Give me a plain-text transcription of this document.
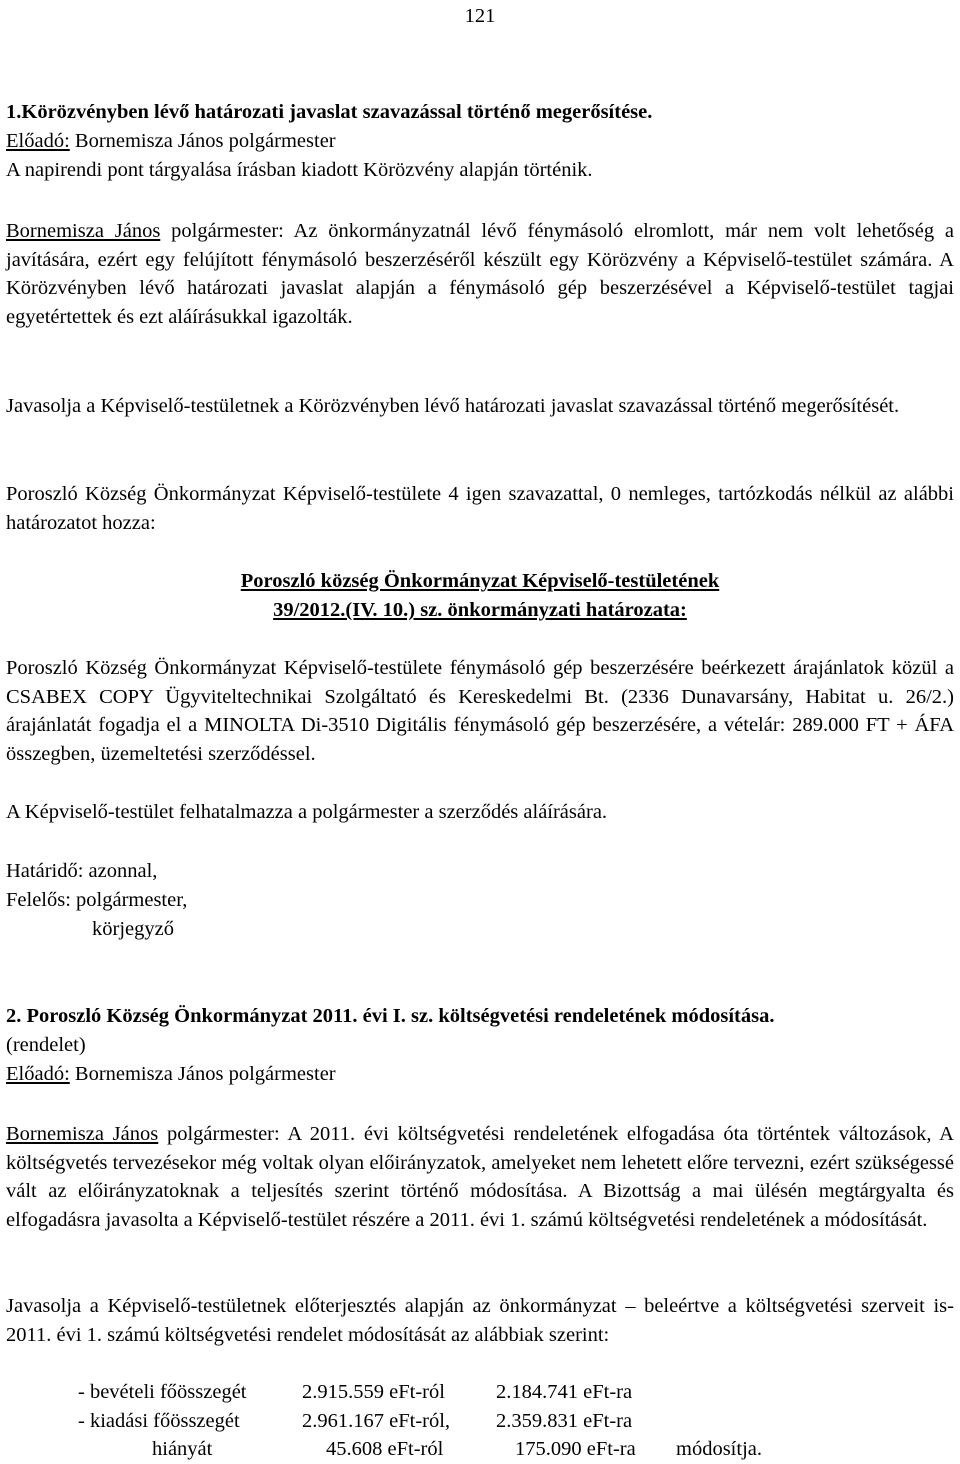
121
1.Körözvényben lévő határozati javaslat szavazással történő megerősítése.
Előadó: Bornemisza János polgármester
A napirendi pont tárgyalása írásban kiadott Körözvény alapján történik.

Bornemisza János polgármester: Az önkormányzatnál lévő fénymásoló elromlott, már nem volt lehetőség a javítására, ezért egy felújított fénymásoló beszerzéséről készült egy Körözvény a Képviselő-testület számára. A Körözvényben lévő határozati javaslat alapján a fénymásoló gép beszerzésével a Képviselő-testület tagjai egyetértettek és ezt aláírásukkal igazolták.

Javasolja a Képviselő-testületnek a Körözvényben lévő határozati javaslat szavazással történő megerősítését.

Poroszló Község Önkormányzat Képviselő-testülete 4 igen szavazattal, 0 nemleges, tartózkodás nélkül az alábbi határozatot hozza:

Poroszló község Önkormányzat Képviselő-testületének
39/2012.(IV. 10.) sz. önkormányzati határozata:

Poroszló Község Önkormányzat Képviselő-testülete fénymásoló gép beszerzésére beérkezett árajánlatok közül a CSABEX COPY Ügyviteltechnikai Szolgáltató és Kereskedelmi Bt. (2336 Dunavarsány, Habitat u. 26/2.) árajánlatát fogadja el a MINOLTA Di-3510 Digitális fénymásoló gép beszerzésére, a vételár: 289.000 FT + ÁFA összegben, üzemeltetési szerződéssel.

A Képviselő-testület felhatalmazza a polgármester a szerződés aláírására.
Határidő: azonnal,
Felelős: polgármester,
körjegyző
2. Poroszló Község Önkormányzat 2011. évi I. sz. költségvetési rendeletének módosítása.
(rendelet)
Előadó: Bornemisza János polgármester

Bornemisza János polgármester: A 2011. évi költségvetési rendeletének elfogadása óta történtek változások, A költségvetés tervezésekor még voltak olyan előirányzatok, amelyeket nem lehetett előre tervezni, ezért szükségessé vált az előirányzatoknak a teljesítés szerint történő módosítása. A Bizottság a mai ülésén megtárgyalta és elfogadásra javasolta a Képviselő-testület részére a 2011. évi 1. számú költségvetési rendeletének a módosítását.

Javasolja a Képviselő-testületnek előterjesztés alapján az önkormányzat – beleértve a költségvetési szerveit is- 2011. évi 1. számú költségvetési rendelet módosítását az alábbiak szerint:

- bevételi főösszegét	2.915.559 eFt-ról 2.184.741 eFt-ra
- kiadási főösszegét	2.961.167 eFt-ról, 2.359.831 eFt-ra
hiányát	45.608 eFt-ról	175.090 eFt-ra módosítja.
